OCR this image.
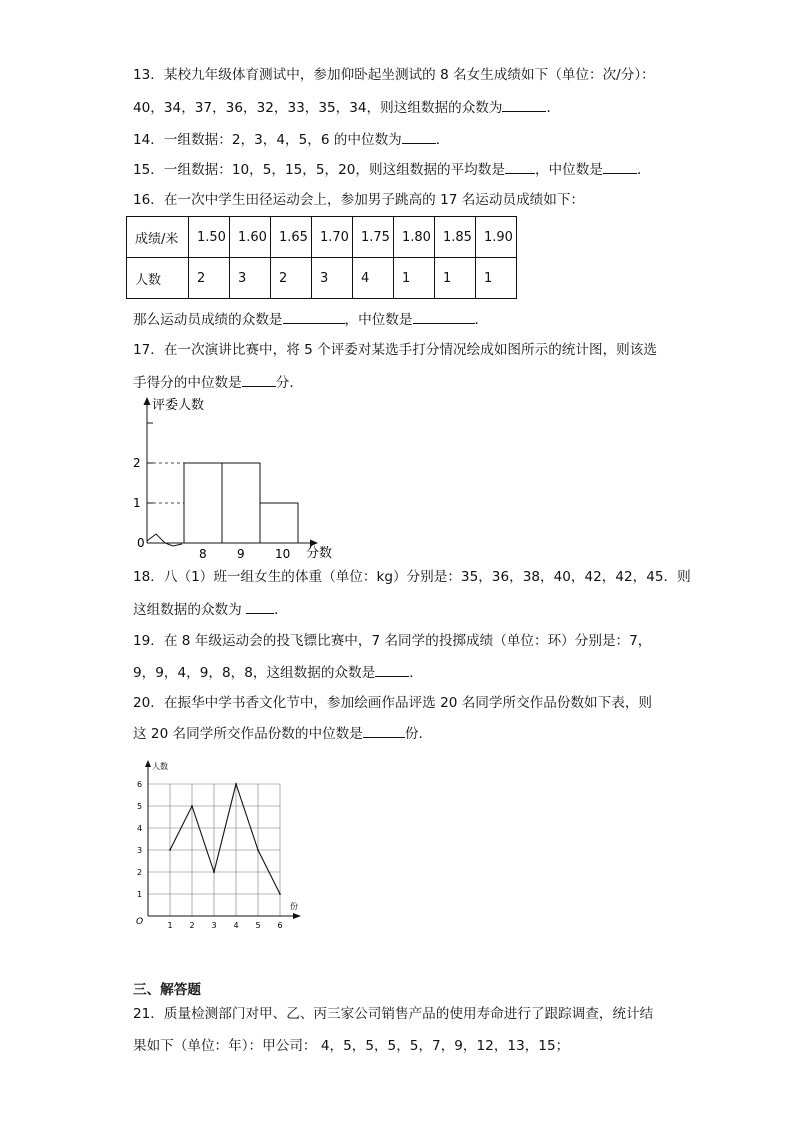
13．某校九年级体育测试中，参加仰卧起坐测试的 8 名女生成绩如下（单位：次/分）：
40，34，37，36，32，33，35，34，则这组数据的众数为	．
14．一组数据：2，3，4，5，6 的中位数为	．
15．一组数据：10，5，15，5，20，则这组数据的平均数是 ，中位数是	．
16．在一次中学生田径运动会上，参加男子跳高的 17 名运动员成绩如下：
成绩/米	1.50	1.60	1.65	1.70	1.75	1.80	1.85	1.90
人数	2	3	2	3	4	1	1	1
那么运动员成绩的众数是	，中位数是	．
17．在一次演讲比赛中，将 5 个评委对某选手打分情况绘成如图所示的统计图，则该选
手得分的中位数是	分．
1
2
8	9	10
评委人数
分数
0
18．八（1）班一组女生的体重（单位：kg）分别是：35，36，38，40，42，42，45．则
这组数据的众数为 ．
19．在 8 年级运动会的投飞镖比赛中，7 名同学的投掷成绩（单位：环）分别是：7，
9，9，4，9，8，8，这组数据的众数是	．
20．在振华中学书香文化节中，参加绘画作品评选 20 名同学所交作品份数如下表，则
这 20 名同学所交作品份数的中位数是	份.
1 2 3 4 5 6
1
2
3
4
5
6
人数
份
O
三、解答题
21．质量检测部门对甲、乙、丙三家公司销售产品的使用寿命进行了跟踪调查，统计结
果如下（单位：年）：甲公司： 4，5，5，5，5，7，9，12，13，15；
